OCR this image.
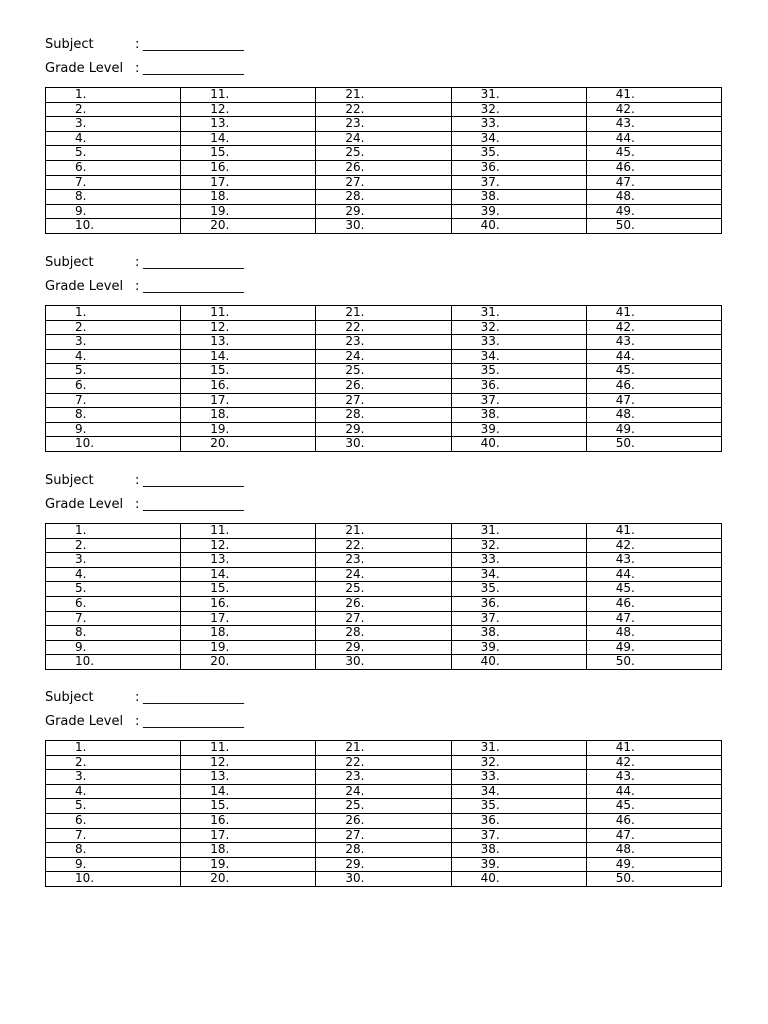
Subject	: ________________
Grade Level : ________________
1.	11.	21.	31.	41.
2.	12.	22.	32.	42.
3.	13.	23.	33.	43.
4.	14.	24.	34.	44.
5.	15.	25.	35.	45.
6.	16.	26.	36.	46.
7.	17.	27.	37.	47.
8.	18.	28.	38.	48.
9.	19.	29.	39.	49.
10.	20.	30.	40.	50.
Subject	: ________________
Grade Level : ________________
1.	11.	21.	31.	41.
2.	12.	22.	32.	42.
3.	13.	23.	33.	43.
4.	14.	24.	34.	44.
5.	15.	25.	35.	45.
6.	16.	26.	36.	46.
7.	17.	27.	37.	47.
8.	18.	28.	38.	48.
9.	19.	29.	39.	49.
10.	20.	30.	40.	50.
Subject	: ________________
Grade Level : ________________
1.	11.	21.	31.	41.
2.	12.	22.	32.	42.
3.	13.	23.	33.	43.
4.	14.	24.	34.	44.
5.	15.	25.	35.	45.
6.	16.	26.	36.	46.
7.	17.	27.	37.	47.
8.	18.	28.	38.	48.
9.	19.	29.	39.	49.
10.	20.	30.	40.	50.
Subject	: ________________
Grade Level : ________________
1.	11.	21.	31.	41.
2.	12.	22.	32.	42.
3.	13.	23.	33.	43.
4.	14.	24.	34.	44.
5.	15.	25.	35.	45.
6.	16.	26.	36.	46.
7.	17.	27.	37.	47.
8.	18.	28.	38.	48.
9.	19.	29.	39.	49.
10.	20.	30.	40.	50.
